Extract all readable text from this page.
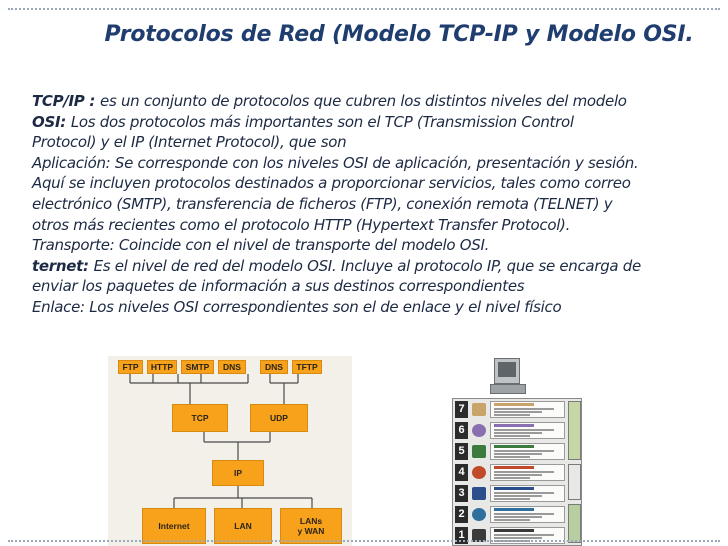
Protocolos de Red (Modelo TCP-IP y Modelo OSI.

TCP/IP : es un conjunto de protocolos que cubren los distintos niveles del modelo

OSI: Los dos protocolos más importantes son el TCP (Transmission Control

Protocol) y el IP (Internet Protocol), que son

Aplicación: Se corresponde con los niveles OSI de aplicación, presentación y sesión.

Aquí se incluyen protocolos destinados a proporcionar servicios, tales como correo

electrónico (SMTP), transferencia de ficheros (FTP), conexión remota (TELNET) y

otros más recientes como el protocolo HTTP (Hypertext Transfer Protocol).

Transporte: Coincide con el nivel de transporte del modelo OSI.

ternet: Es el nivel de red del modelo OSI. Incluye al protocolo IP, que se encarga de

enviar los paquetes de información a sus destinos correspondientes

Enlace: Los niveles OSI correspondientes son el de enlace y el nivel físico

FTP	HTTP	SMTP	DNS	DNS	TFTP
TCP	UDP
IP
Internet	LAN	LANs
y WAN
7
6
5
4
3
2
1
